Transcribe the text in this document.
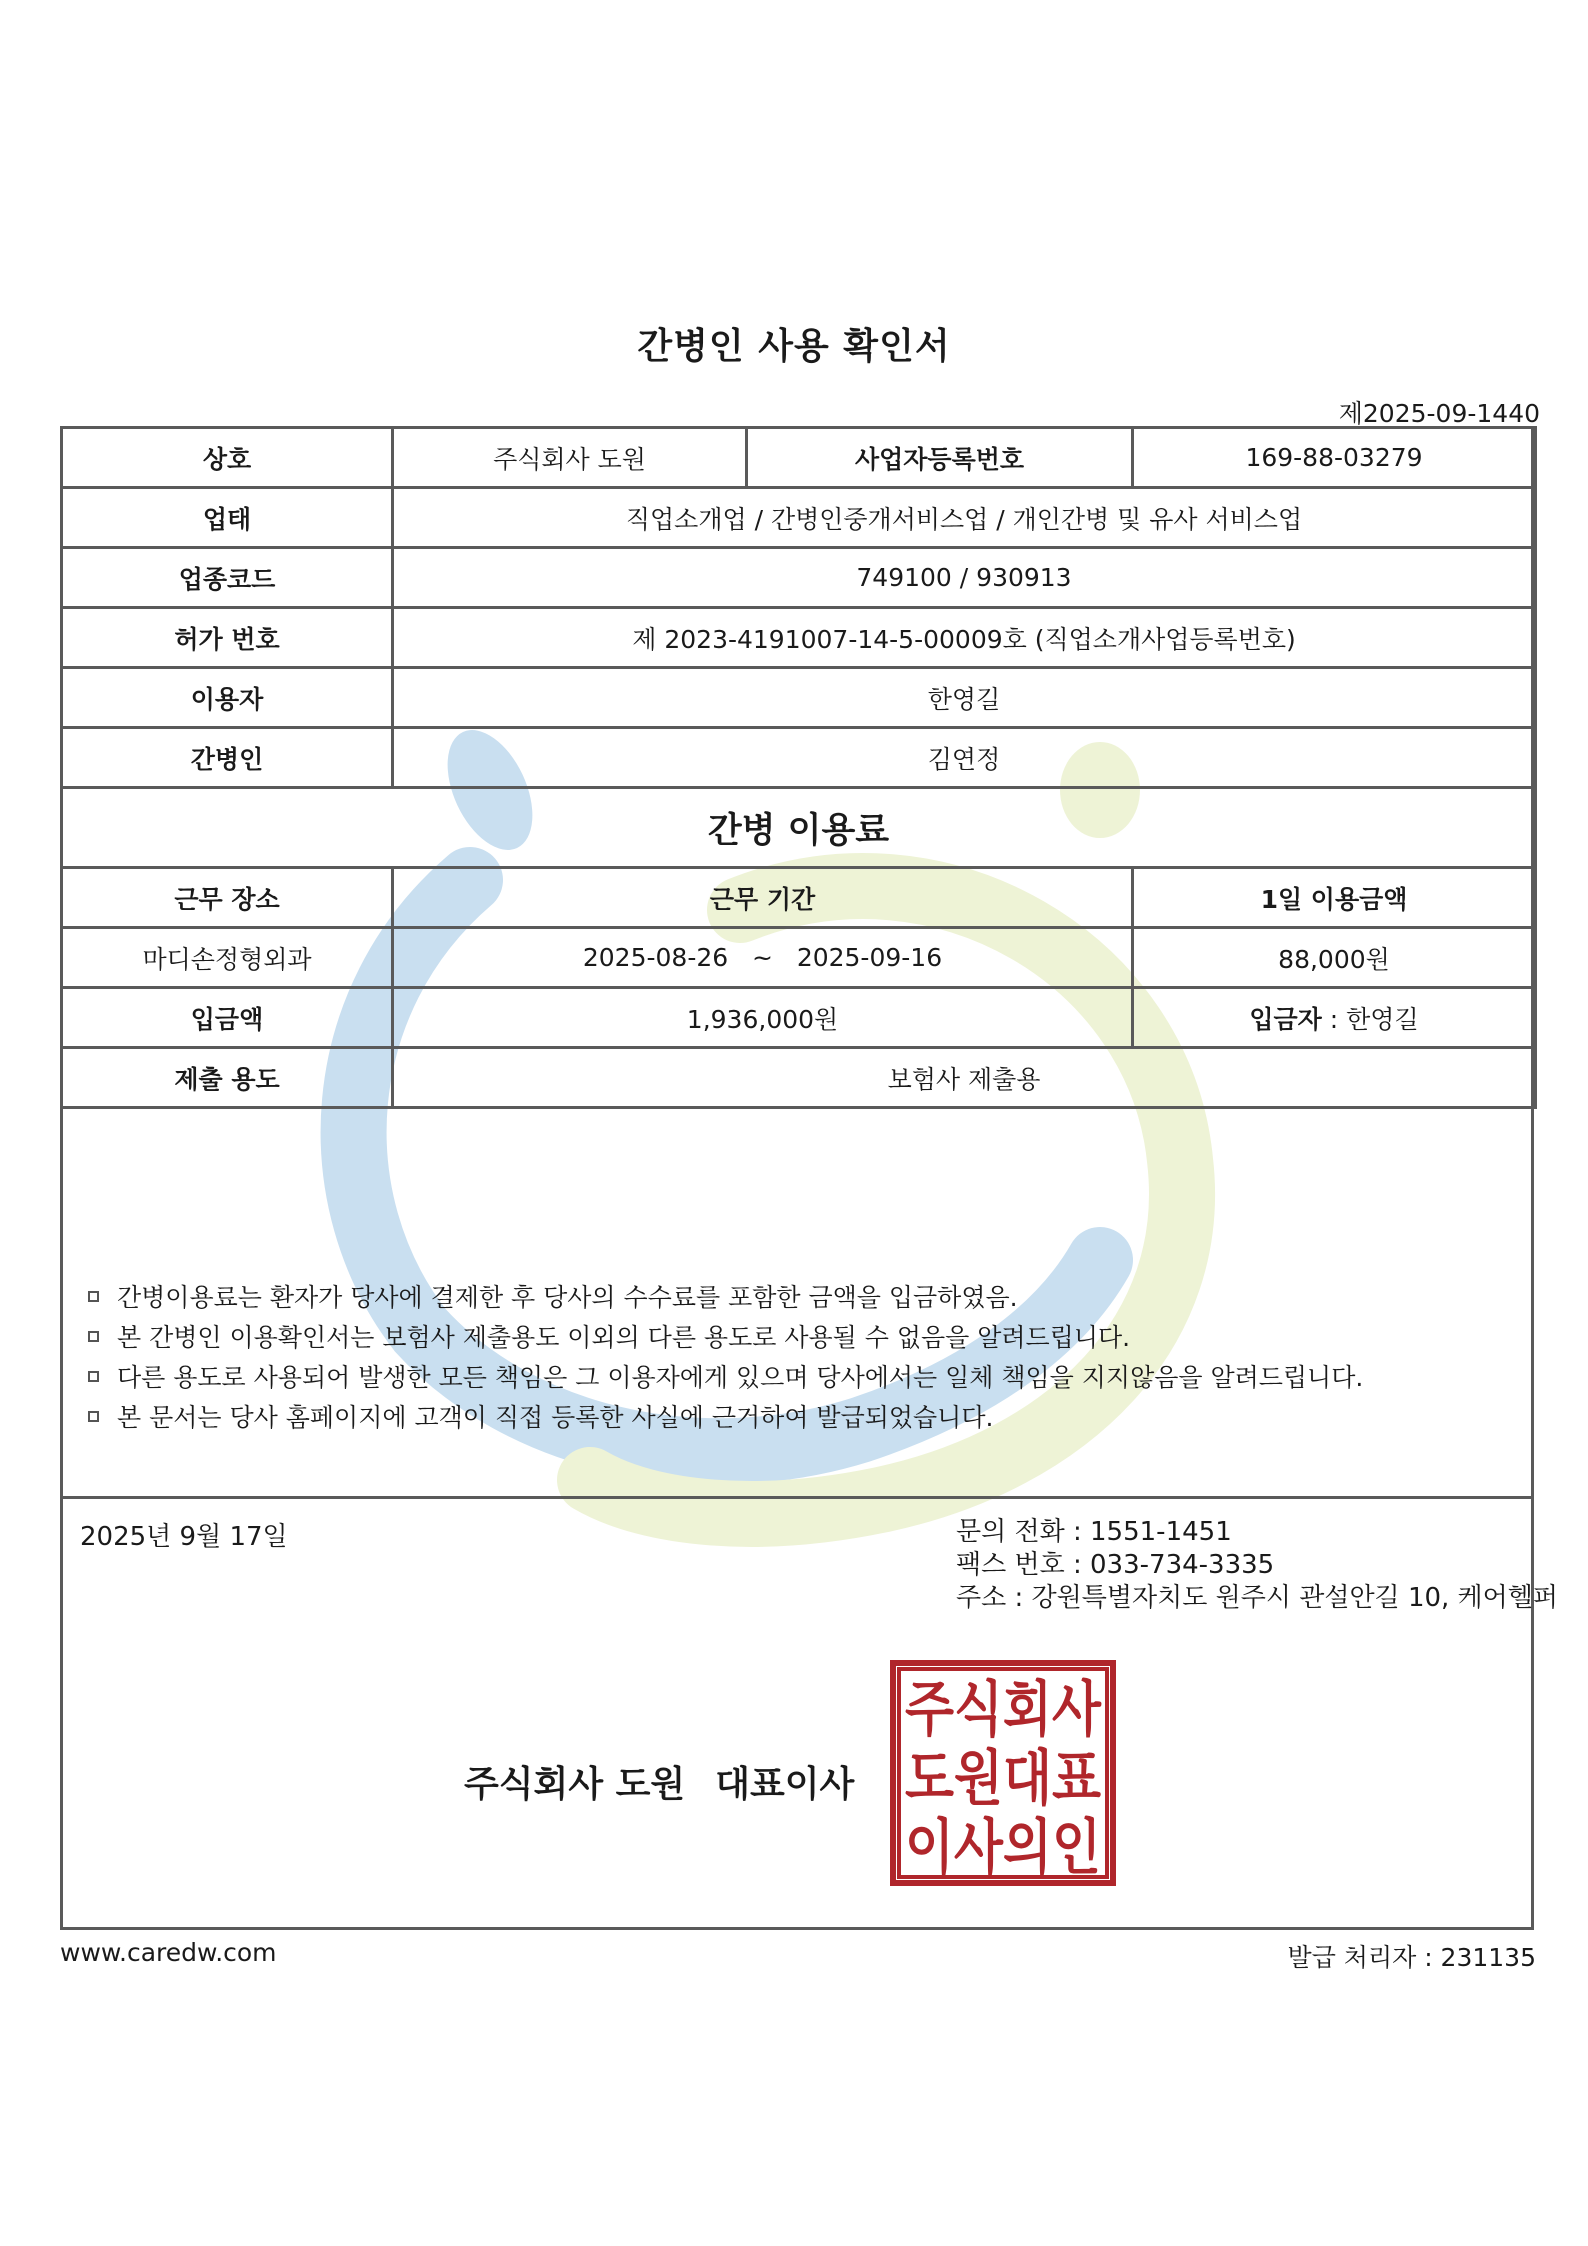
간병인 사용 확인서
제2025-09-1440
상호	주식회사 도원	사업자등록번호	169-88-03279
업태	직업소개업 / 간병인중개서비스업 / 개인간병 및 유사 서비스업		
업종코드	749100 / 930913		
허가 번호	제 2023-4191007-14-5-00009호 (직업소개사업등록번호)		
이용자	한영길		
간병인	김연정		
간병 이용료			
근무 장소	근무 기간		1일 이용금액
마디손정형외과	2025-08-26 ~ 2025-09-16		88,000원
입금액	1,936,000원		입금자 : 한영길
제출 용도	보험사 제출용		
간병이용료는 환자가 당사에 결제한 후 당사의 수수료를 포함한 금액을 입금하였음.
본 간병인 이용확인서는 보험사 제출용도 이외의 다른 용도로 사용될 수 없음을 알려드립니다.
다른 용도로 사용되어 발생한 모든 책임은 그 이용자에게 있으며 당사에서는 일체 책임을 지지않음을 알려드립니다.
본 문서는 당사 홈페이지에 고객이 직접 등록한 사실에 근거하여 발급되었습니다.
2025년 9월 17일	문의 전화 : 1551-1451
팩스 번호 : 033-734-3335
주소 : 강원특별자치도 원주시 관설안길 10, 케어헬퍼
주식회사 도원 대표이사
주식회사
도원대표
이사의인
www.caredw.com	발급 처리자 : 231135
